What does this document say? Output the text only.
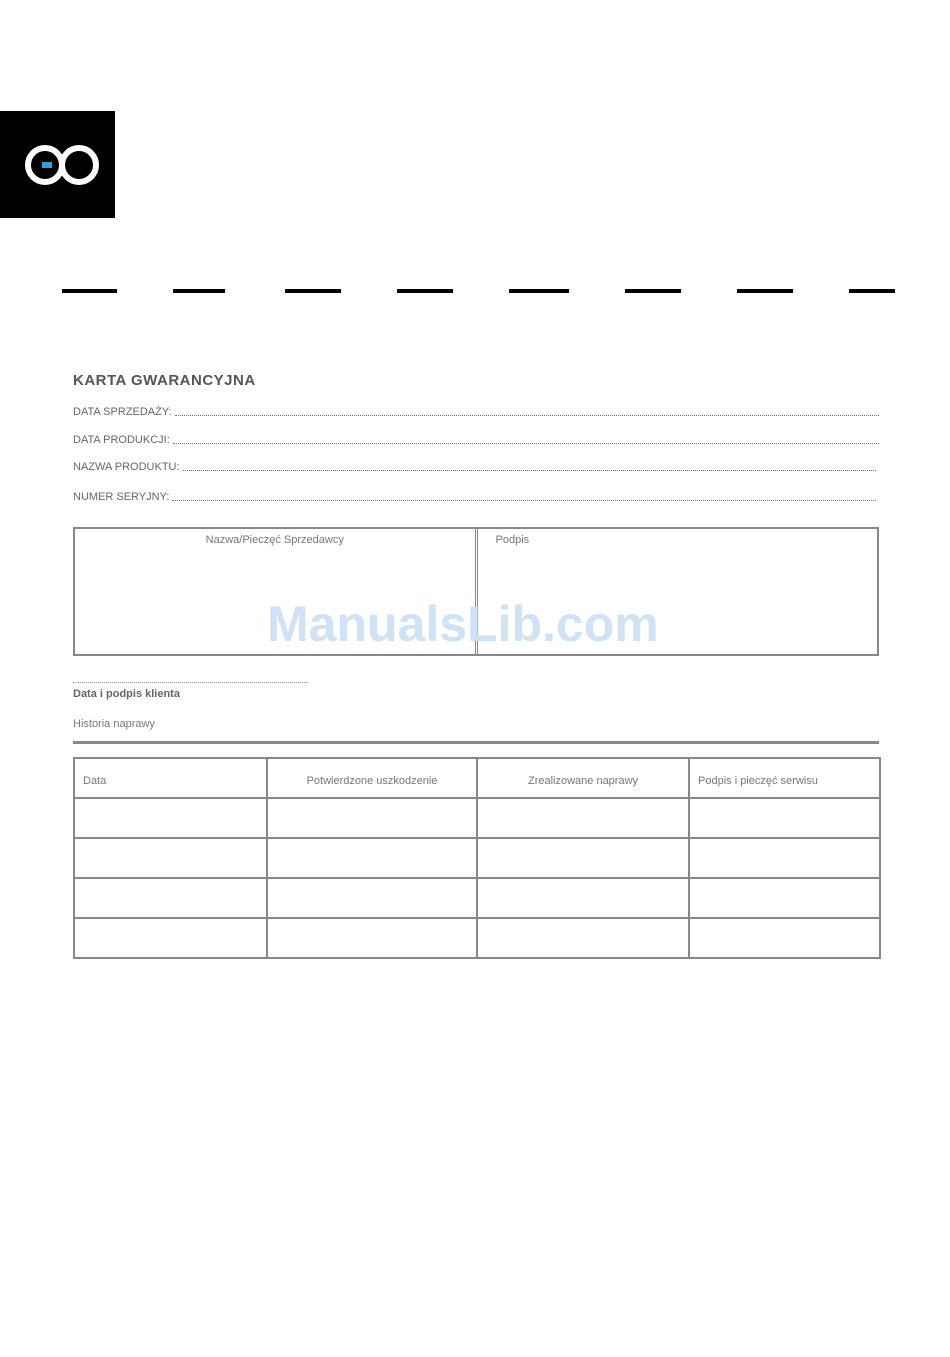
KARTA GWARANCYJNA
DATA SPRZEDAŻY:
DATA PRODUKCJI:
NAZWA PRODUKTU:
NUMER SERYJNY:
Nazwa/Pieczęć Sprzedawcy	Podpis
ManualsLib.com
Data i podpis klienta
Historia naprawy
Data	Potwierdzone uszkodzenie	Zrealizowane naprawy	Podpis i pieczęć serwisu
